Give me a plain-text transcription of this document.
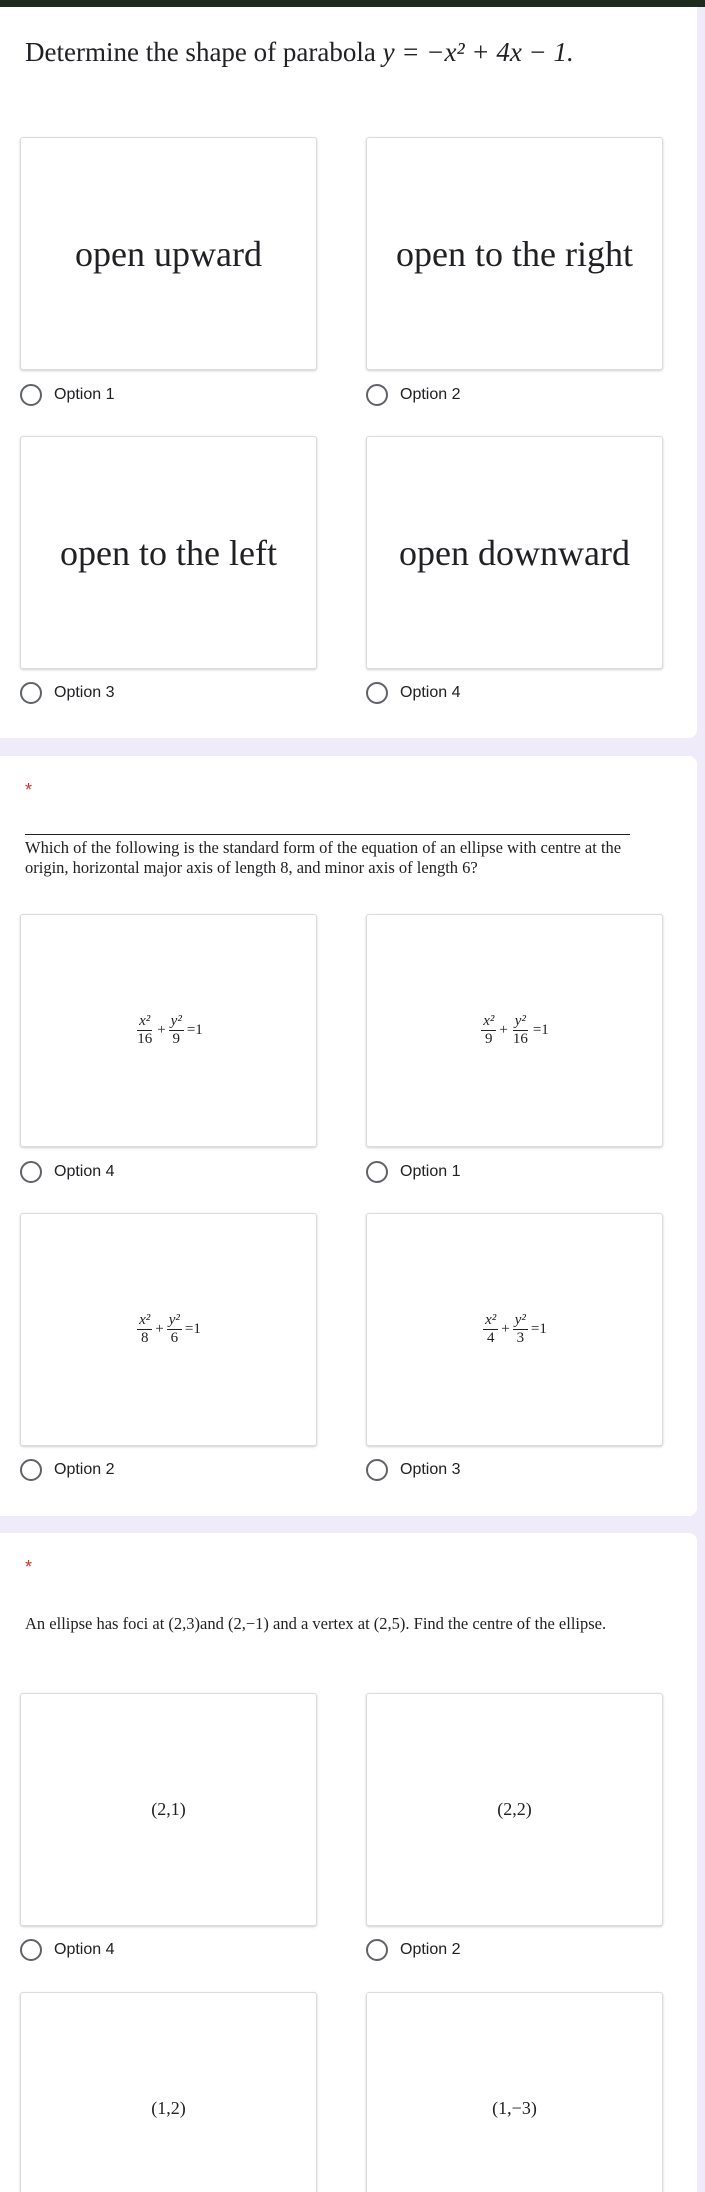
Determine the shape of parabola y = −x² + 4x − 1.
open upward	open to the right
Option 1	Option 2
open to the left	open downward
Option 3	Option 4
*
Which of the following is the standard form of the equation of an ellipse with centre at the origin, horizontal major axis of length 8, and minor axis of length 6?
$\frac{\text{x²}}{16} + \frac{\text{y²}}{9} =1$	$\frac{\text{x²}}{9} + \frac{\text{y²}}{16} =1$
Option 4	Option 1
$\frac{\text{x²}}{8} + \frac{\text{y²}}{6} =1$	$\frac{\text{x²}}{4} + \frac{\text{y²}}{3} =1$
Option 2	Option 3
*
An ellipse has foci at (2,3)and (2,−1) and a vertex at (2,5). Find the centre of the ellipse.
(2,1)	(2,2)
Option 4	Option 2
(1,2)	(1,−3)
